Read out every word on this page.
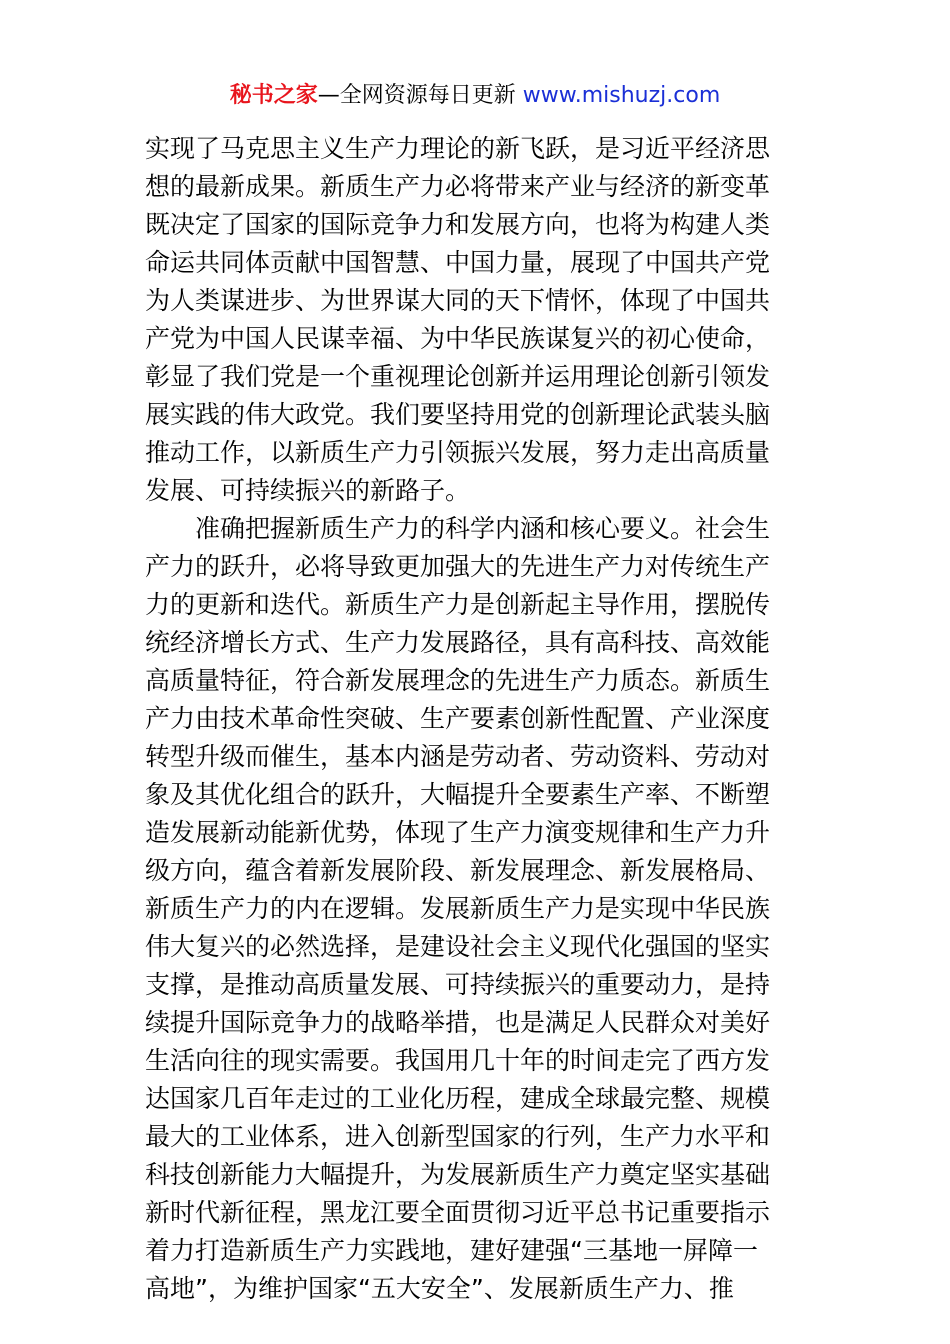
秘书之家—全网资源每日更新 www.mishuzj.com
实现了马克思主义生产力理论的新飞跃，是习近平经济思
想的最新成果。新质生产力必将带来产业与经济的新变革
既决定了国家的国际竞争力和发展方向，也将为构建人类
命运共同体贡献中国智慧、中国力量，展现了中国共产党
为人类谋进步、为世界谋大同的天下情怀，体现了中国共
产党为中国人民谋幸福、为中华民族谋复兴的初心使命，
彰显了我们党是一个重视理论创新并运用理论创新引领发
展实践的伟大政党。我们要坚持用党的创新理论武装头脑
推动工作，以新质生产力引领振兴发展，努力走出高质量
发展、可持续振兴的新路子。
　　准确把握新质生产力的科学内涵和核心要义。社会生
产力的跃升，必将导致更加强大的先进生产力对传统生产
力的更新和迭代。新质生产力是创新起主导作用，摆脱传
统经济增长方式、生产力发展路径，具有高科技、高效能
高质量特征，符合新发展理念的先进生产力质态。新质生
产力由技术革命性突破、生产要素创新性配置、产业深度
转型升级而催生，基本内涵是劳动者、劳动资料、劳动对
象及其优化组合的跃升，大幅提升全要素生产率、不断塑
造发展新动能新优势，体现了生产力演变规律和生产力升
级方向，蕴含着新发展阶段、新发展理念、新发展格局、
新质生产力的内在逻辑。发展新质生产力是实现中华民族
伟大复兴的必然选择，是建设社会主义现代化强国的坚实
支撑，是推动高质量发展、可持续振兴的重要动力，是持
续提升国际竞争力的战略举措，也是满足人民群众对美好
生活向往的现实需要。我国用几十年的时间走完了西方发
达国家几百年走过的工业化历程，建成全球最完整、规模
最大的工业体系，进入创新型国家的行列，生产力水平和
科技创新能力大幅提升，为发展新质生产力奠定坚实基础
新时代新征程，黑龙江要全面贯彻习近平总书记重要指示
着力打造新质生产力实践地，建好建强“三基地一屏障一
高地”，为维护国家“五大安全”、发展新质生产力、推
